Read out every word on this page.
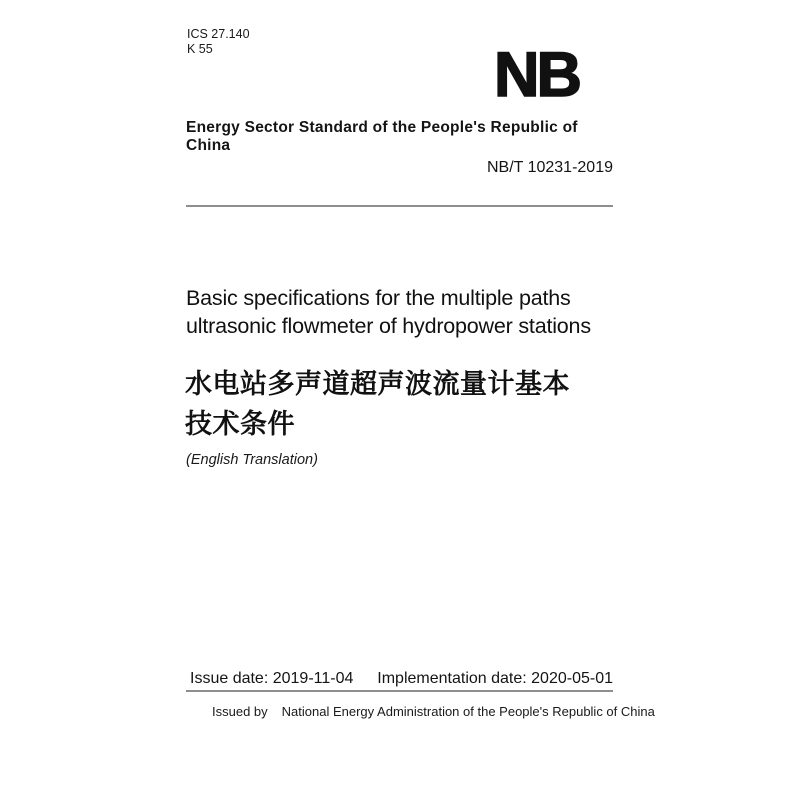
ICS 27.140
K 55	NB
Energy Sector Standard of the People's Republic of China
NB/T 10231-2019
Basic specifications for the multiple paths
ultrasonic flowmeter of hydropower stations
水电站多声道超声波流量计基本
技术条件
(English Translation)
Issue date: 2019-11-04 Implementation date: 2020-05-01
Issued by National Energy Administration of the People's Republic of China
